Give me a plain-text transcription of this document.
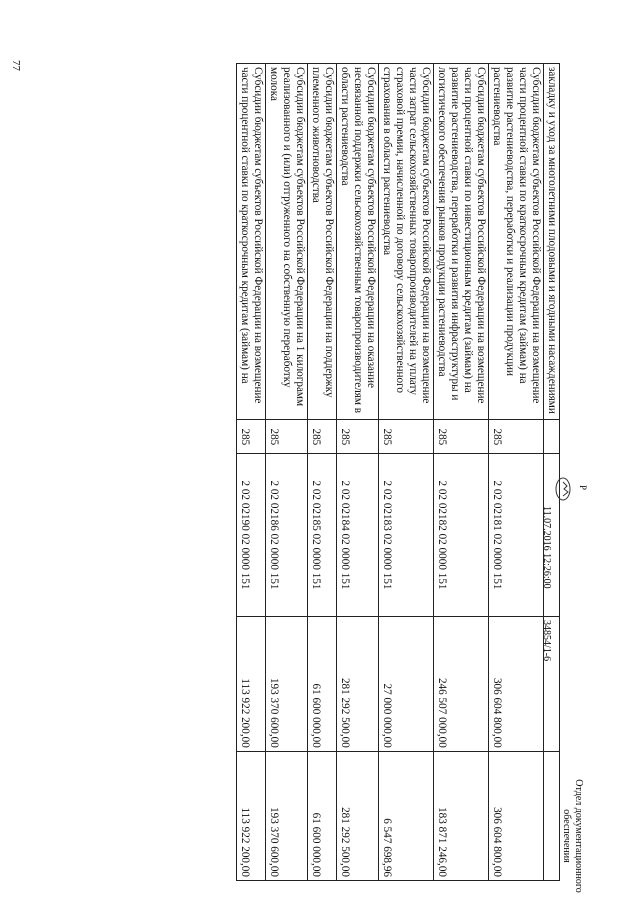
77
закладку и уход за многолетними плодовыми и ягодными насаждениями				
Субсидии бюджетам субъектов Российской Федерации на возмещение части процентной ставки по краткосрочным кредитам (займам) на развитие растениеводства, переработки и реализации продукции растениеводства	285	2 02 02181 02 0000 151	306 604 800,00	306 604 800,00
Субсидии бюджетам субъектов Российской Федерации на возмещение части процентной ставки по инвестиционным кредитам (займам) на развитие растениеводства, переработки и развития инфраструктуры и логистического обеспечения рынков продукции растениеводства	285	2 02 02182 02 0000 151	246 507 000,00	183 871 246,00
Субсидии бюджетам субъектов Российской Федерации на возмещение части затрат сельскохозяйственных товаропроизводителей на уплату страховой премии, начисленной по договору сельскохозяйственного страхования в области растениеводства	285	2 02 02183 02 0000 151	27 000 000,00	6 547 698,96
Субсидии бюджетам субъектов Российской Федерации на оказание несвязанной поддержки сельскохозяйственным товаропроизводителям в области растениеводства	285	2 02 02184 02 0000 151	281 292 500,00	281 292 500,00
Субсидии бюджетам субъектов Российской Федерации на поддержку племенного животноводства	285	2 02 02185 02 0000 151	61 600 000,00	61 600 000,00
Субсидии бюджетам субъектов Российской Федерации на 1 килограмм реализованного и (или) отгруженного на собственную переработку молока	285	2 02 02186 02 0000 151	193 370 600,00	193 370 600,00
Субсидии бюджетам субъектов Российской Федерации на возмещение части процентной ставки по краткосрочным кредитам (займам) на	285	2 02 02190 02 0000 151	113 922 200,00	113 922 200,00
Р
11.07.2016 12:26:00
34854/1-6
Отдел документационного обеспечения
